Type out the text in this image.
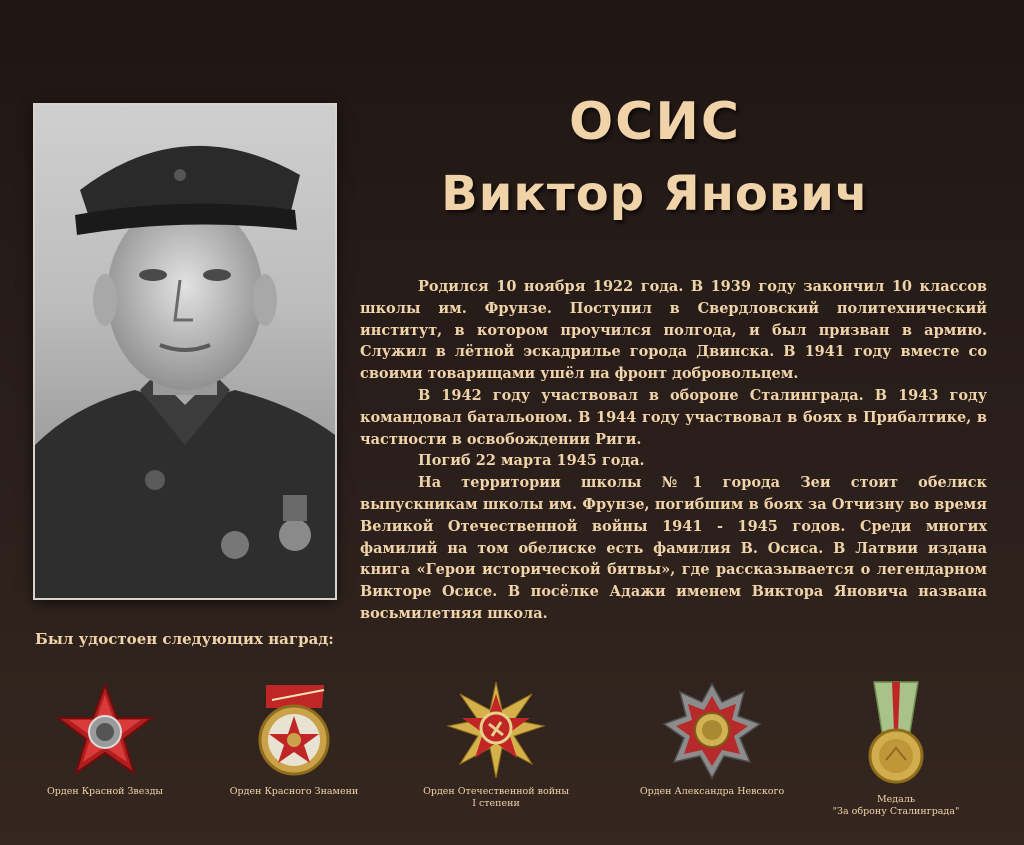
ОСИС
Виктор Янович

Родился 10 ноября 1922 года. В 1939 году закончил 10 классов школы им. Фрунзе. Поступил в Свердловский политехнический институт, в котором проучился полгода, и был призван в армию. Служил в лётной эскадрилье города Двинска. В 1941 году вместе со своими товарищами ушёл на фронт добровольцем.

В 1942 году участвовал в обороне Сталинграда. В 1943 году командовал батальоном. В 1944 году участвовал в боях в Прибалтике, в частности в освобождении Риги.

Погиб 22 марта 1945 года.

На территории школы №1 города Зеи стоит обелиск выпускникам школы им. Фрунзе, погибшим в боях за Отчизну во время Великой Отечественной войны 1941 - 1945 годов. Среди многих фамилий на том обелиске есть фамилия В. Осиса. В Латвии издана книга «Герои исторической битвы», где рассказывается о легендарном Викторе Осисе. В посёлке Адажи именем Виктора Яновича названа восьмилетняя школа.

Был удостоен следующих наград:
Орден Красной Звезды	Орден Красного Знамени	Орден Отечественной войны
I степени
Орден Александра Невского
Медаль
"За оброну Сталинграда"
